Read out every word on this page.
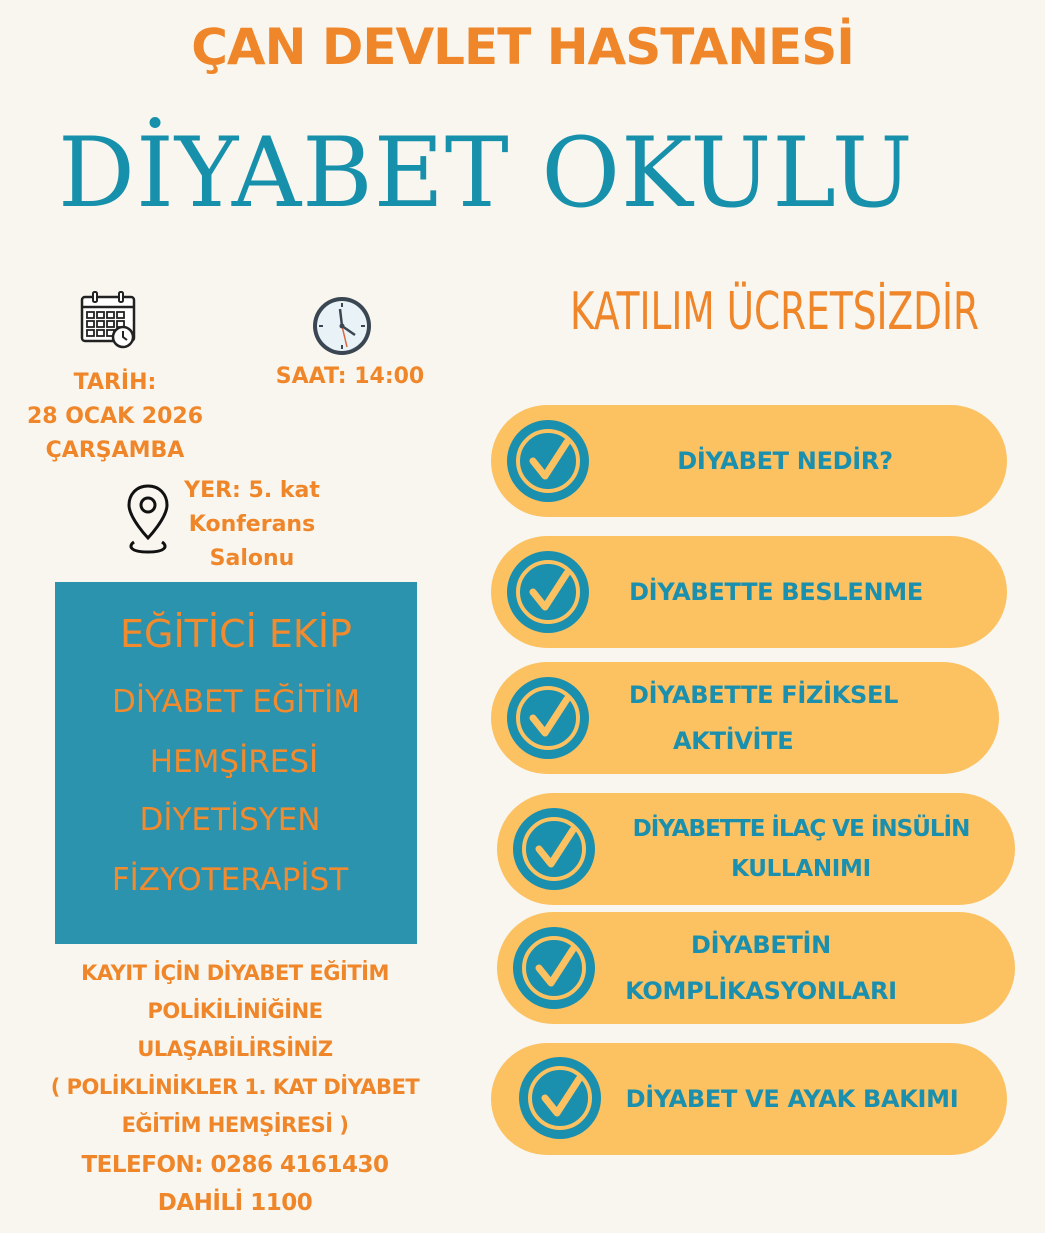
ÇAN DEVLET HASTANESİ
DİYABET OKULU
KATILIM ÜCRETSİZDİR
TARİH:
28 OCAK 2026
ÇARŞAMBA
SAAT: 14:00
YER: 5. kat
Konferans
Salonu
EĞİTİCİ EKİP
DİYABET EĞİTİM
HEMŞİRESİ
DİYETİSYEN
FİZYOTERAPİST
KAYIT İÇİN DİYABET EĞİTİM
POLİKİLİNİĞİNE
ULAŞABİLİRSİNİZ
( POLİKLİNİKLER 1. KAT DİYABET
EĞİTİM HEMŞİRESİ )
TELEFON: 0286 4161430
DAHİLİ 1100
DİYABET NEDİR?
DİYABETTE BESLENME
DİYABETTE FİZİKSEL
AKTİVİTE
DİYABETTE İLAÇ VE İNSÜLİN
KULLANIMI
DİYABETİN
KOMPLİKASYONLARI
DİYABET VE AYAK BAKIMI
